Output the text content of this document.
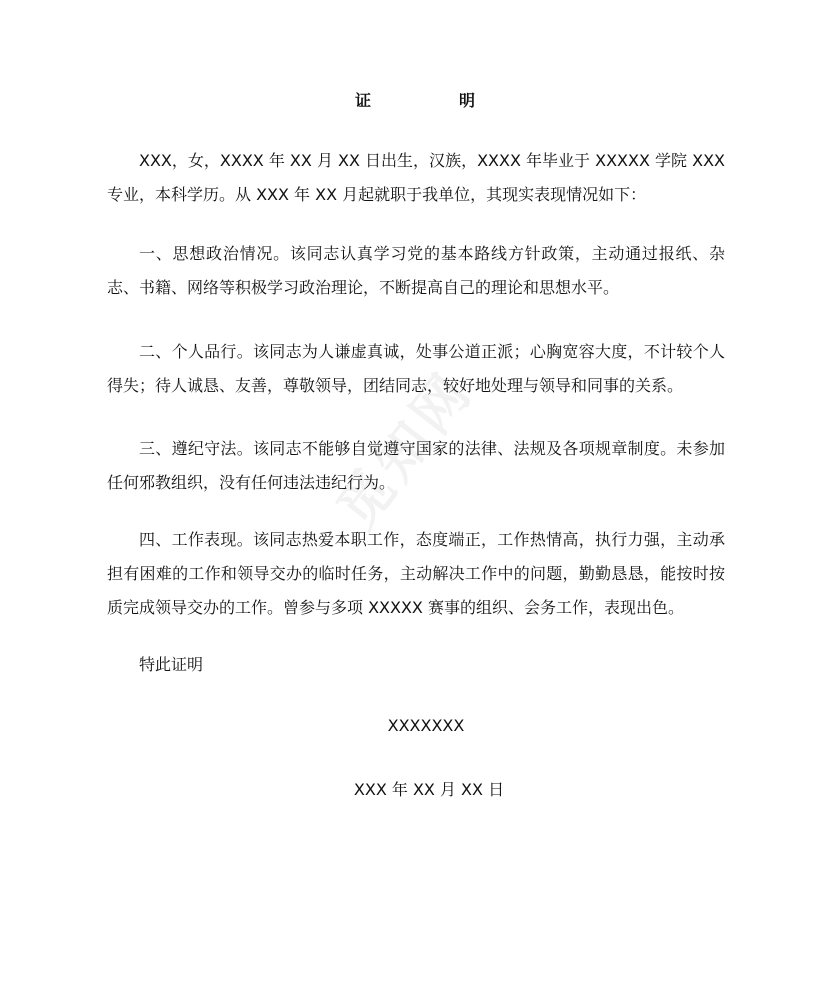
觅知网
证　明
XXX，女，XXXX 年 XX 月 XX 日出生，汉族，XXXX 年毕业于 XXXXX 学院 XXX 专业，本科学历。从 XXX 年 XX 月起就职于我单位，其现实表现情况如下：
一、思想政治情况。该同志认真学习党的基本路线方针政策，主动通过报纸、杂志、书籍、网络等积极学习政治理论，不断提高自己的理论和思想水平。
二、个人品行。该同志为人谦虚真诚，处事公道正派；心胸宽容大度，不计较个人得失；待人诚恳、友善，尊敬领导，团结同志，较好地处理与领导和同事的关系。
三、遵纪守法。该同志不能够自觉遵守国家的法律、法规及各项规章制度。未参加任何邪教组织，没有任何违法违纪行为。
四、工作表现。该同志热爱本职工作，态度端正，工作热情高，执行力强，主动承担有困难的工作和领导交办的临时任务，主动解决工作中的问题，勤勤恳恳，能按时按质完成领导交办的工作。曾参与多项 XXXXX 赛事的组织、会务工作，表现出色。
特此证明
XXXXXXX
XXX 年 XX 月 XX 日
